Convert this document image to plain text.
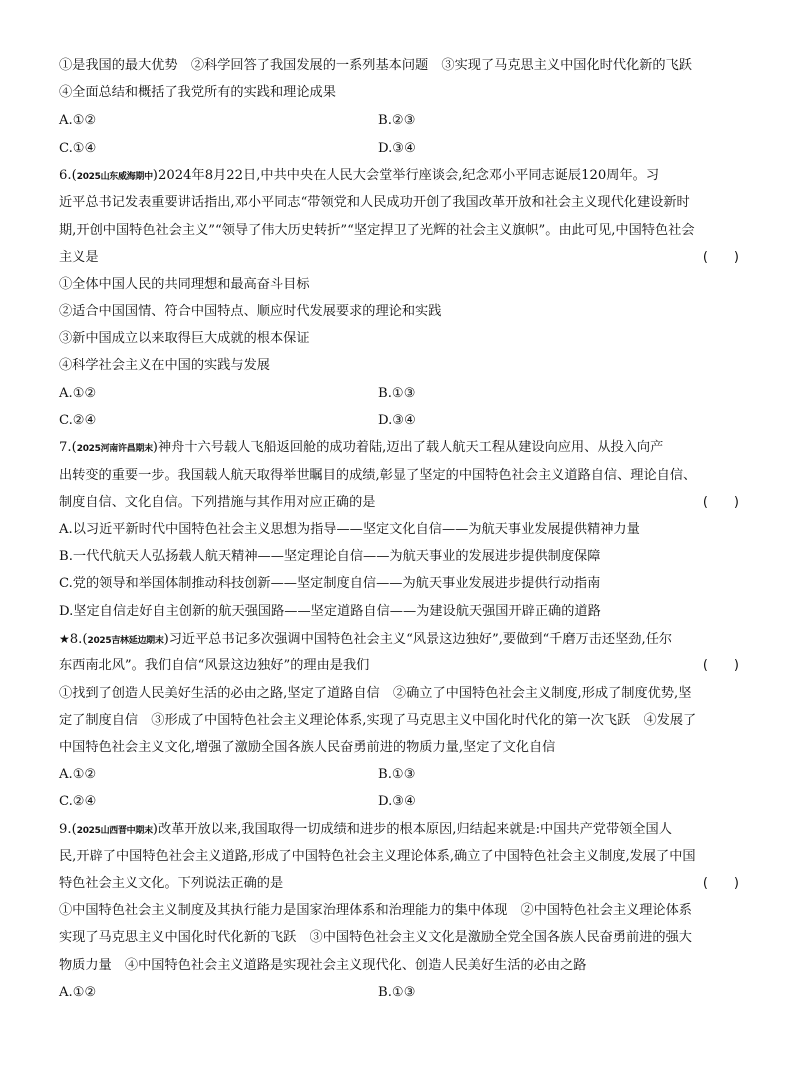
①是我国的最大优势　②科学回答了我国发展的一系列基本问题　③实现了马克思主义中国化时代化新的飞跃
④全面总结和概括了我党所有的实践和理论成果
A.①②	B.②③
C.①④	D.③④
6.(2025山东威海期中)2024年8月22日,中共中央在人民大会堂举行座谈会,纪念邓小平同志诞辰120周年。习
近平总书记发表重要讲话指出,邓小平同志“带领党和人民成功开创了我国改革开放和社会主义现代化建设新时
期,开创中国特色社会主义”“领导了伟大历史转折”“坚定捍卫了光辉的社会主义旗帜”。由此可见,中国特色社会
主义是	(　　)
①全体中国人民的共同理想和最高奋斗目标
②适合中国国情、符合中国特点、顺应时代发展要求的理论和实践
③新中国成立以来取得巨大成就的根本保证
④科学社会主义在中国的实践与发展
A.①②	B.①③
C.②④	D.③④
7.(2025河南许昌期末)神舟十六号载人飞船返回舱的成功着陆,迈出了载人航天工程从建设向应用、从投入向产
出转变的重要一步。我国载人航天取得举世瞩目的成绩,彰显了坚定的中国特色社会主义道路自信、理论自信、
制度自信、文化自信。下列措施与其作用对应正确的是	(　　)
A.以习近平新时代中国特色社会主义思想为指导——坚定文化自信——为航天事业发展提供精神力量
B.一代代航天人弘扬载人航天精神——坚定理论自信——为航天事业的发展进步提供制度保障
C.党的领导和举国体制推动科技创新——坚定制度自信——为航天事业发展进步提供行动指南
D.坚定自信走好自主创新的航天强国路——坚定道路自信——为建设航天强国开辟正确的道路
★8.(2025吉林延边期末)习近平总书记多次强调中国特色社会主义“风景这边独好”,要做到“千磨万击还坚劲,任尔
东西南北风”。我们自信“风景这边独好”的理由是我们	(　　)
①找到了创造人民美好生活的必由之路,坚定了道路自信　②确立了中国特色社会主义制度,形成了制度优势,坚
定了制度自信　③形成了中国特色社会主义理论体系,实现了马克思主义中国化时代化的第一次飞跃　④发展了
中国特色社会主义文化,增强了激励全国各族人民奋勇前进的物质力量,坚定了文化自信
A.①②	B.①③
C.②④	D.③④
9.(2025山西晋中期末)改革开放以来,我国取得一切成绩和进步的根本原因,归结起来就是:中国共产党带领全国人
民,开辟了中国特色社会主义道路,形成了中国特色社会主义理论体系,确立了中国特色社会主义制度,发展了中国
特色社会主义文化。下列说法正确的是	(　　)
①中国特色社会主义制度及其执行能力是国家治理体系和治理能力的集中体现　②中国特色社会主义理论体系
实现了马克思主义中国化时代化新的飞跃　③中国特色社会主义文化是激励全党全国各族人民奋勇前进的强大
物质力量　④中国特色社会主义道路是实现社会主义现代化、创造人民美好生活的必由之路
A.①②	B.①③
